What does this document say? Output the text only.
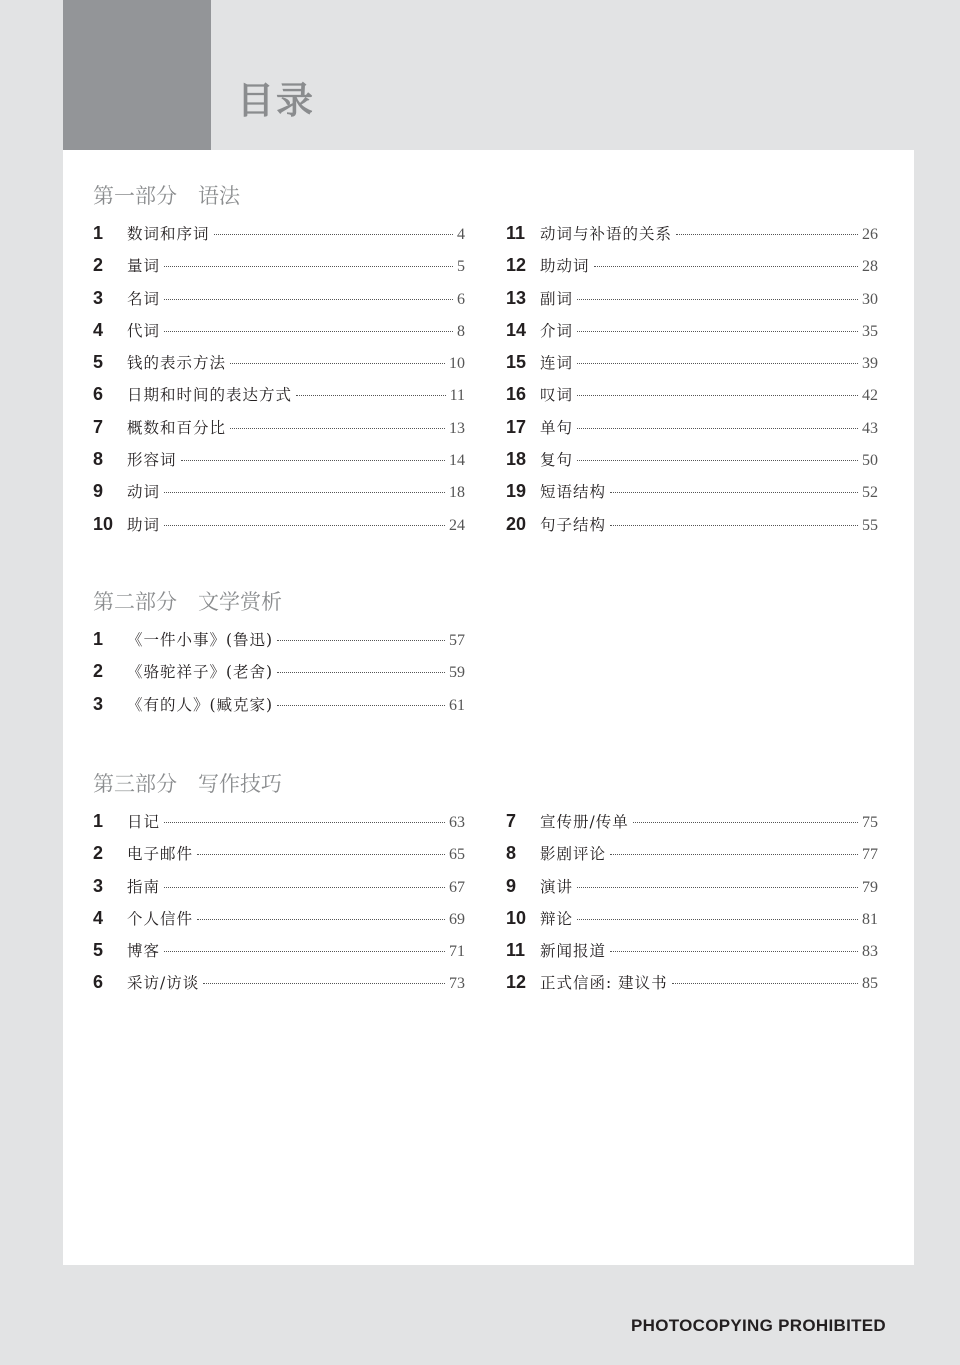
目录
第一部分　语法
1	数词和序词	4
2	量词	5
3	名词	6
4	代词	8
5	钱的表示方法	10
6	日期和时间的表达方式	11
7	概数和百分比	13
8	形容词	14
9	动词	18
10 助词	24
11 动词与补语的关系	26
12 助动词	28
13 副词	30
14 介词	35
15 连词	39
16 叹词	42
17 单句	43
18 复句	50
19 短语结构	52
20 句子结构	55
第二部分　文学赏析
1	《一件小事》(鲁迅)	57
2	《骆驼祥子》(老舍)	59
3	《有的人》(臧克家)	61
第三部分　写作技巧
1	日记	63
2	电子邮件	65
3	指南	67
4	个人信件	69
5	博客	71
6	采访/访谈	73
7	宣传册/传单	75
8	影剧评论	77
9	演讲	79
10 辩论	81
11 新闻报道	83
12 正式信函: 建议书	85
PHOTOCOPYING PROHIBITED
